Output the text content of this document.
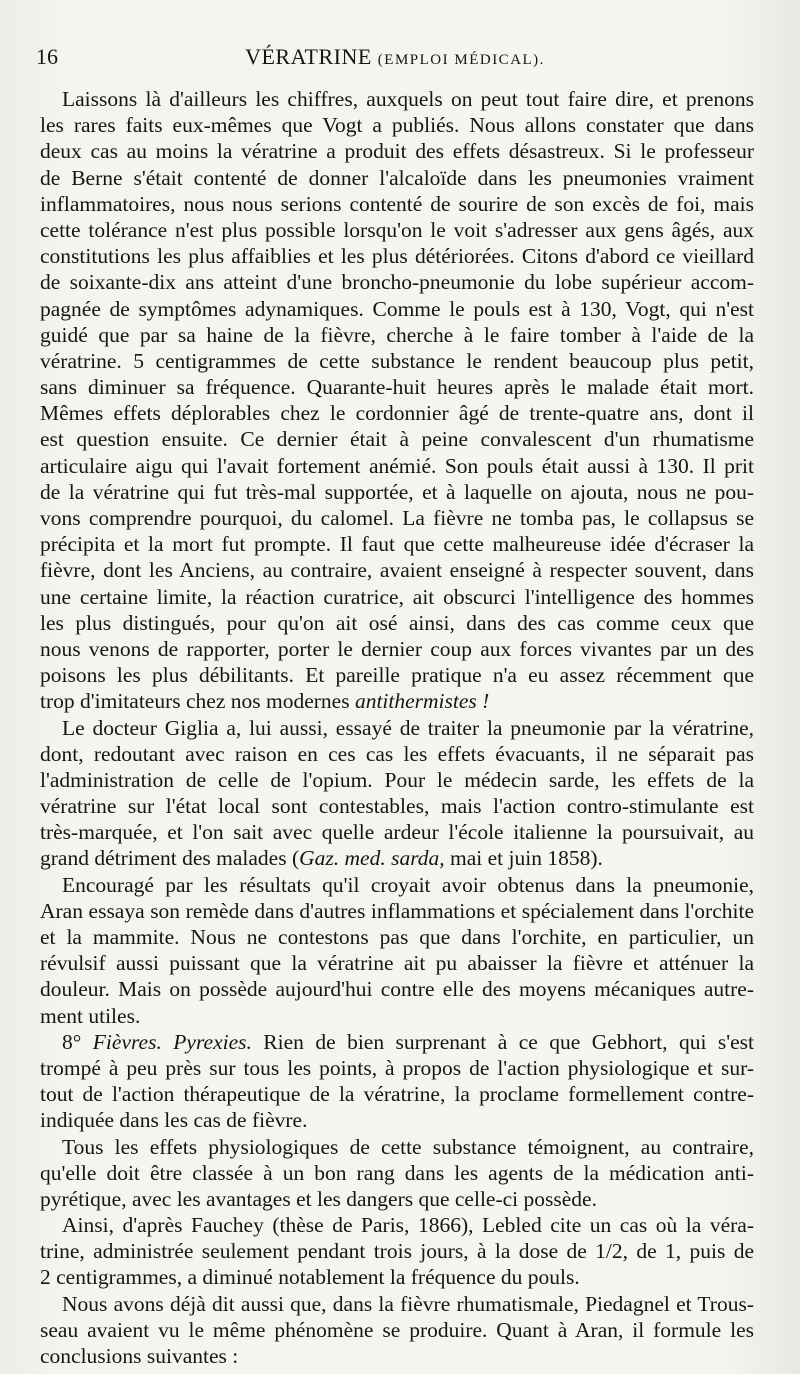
16	VÉRATRINE (EMPLOI MÉDICAL).
Laissons là d'ailleurs les chiffres, auxquels on peut tout faire dire, et prenons
les rares faits eux-mêmes que Vogt a publiés. Nous allons constater que dans
deux cas au moins la vératrine a produit des effets désastreux. Si le professeur
de Berne s'était contenté de donner l'alcaloïde dans les pneumonies vraiment
inflammatoires, nous nous serions contenté de sourire de son excès de foi, mais
cette tolérance n'est plus possible lorsqu'on le voit s'adresser aux gens âgés, aux
constitutions les plus affaiblies et les plus détériorées. Citons d'abord ce vieillard
de soixante-dix ans atteint d'une broncho-pneumonie du lobe supérieur accom-
pagnée de symptômes adynamiques. Comme le pouls est à 130, Vogt, qui n'est
guidé que par sa haine de la fièvre, cherche à le faire tomber à l'aide de la
vératrine. 5 centigrammes de cette substance le rendent beaucoup plus petit,
sans diminuer sa fréquence. Quarante-huit heures après le malade était mort.
Mêmes effets déplorables chez le cordonnier âgé de trente-quatre ans, dont il
est question ensuite. Ce dernier était à peine convalescent d'un rhumatisme
articulaire aigu qui l'avait fortement anémié. Son pouls était aussi à 130. Il prit
de la vératrine qui fut très-mal supportée, et à laquelle on ajouta, nous ne pou-
vons comprendre pourquoi, du calomel. La fièvre ne tomba pas, le collapsus se
précipita et la mort fut prompte. Il faut que cette malheureuse idée d'écraser la
fièvre, dont les Anciens, au contraire, avaient enseigné à respecter souvent, dans
une certaine limite, la réaction curatrice, ait obscurci l'intelligence des hommes
les plus distingués, pour qu'on ait osé ainsi, dans des cas comme ceux que
nous venons de rapporter, porter le dernier coup aux forces vivantes par un des
poisons les plus débilitants. Et pareille pratique n'a eu assez récemment que
trop d'imitateurs chez nos modernes antithermistes !
Le docteur Giglia a, lui aussi, essayé de traiter la pneumonie par la vératrine,
dont, redoutant avec raison en ces cas les effets évacuants, il ne séparait pas
l'administration de celle de l'opium. Pour le médecin sarde, les effets de la
vératrine sur l'état local sont contestables, mais l'action contro-stimulante est
très-marquée, et l'on sait avec quelle ardeur l'école italienne la poursuivait, au
grand détriment des malades (Gaz. med. sarda, mai et juin 1858).
Encouragé par les résultats qu'il croyait avoir obtenus dans la pneumonie,
Aran essaya son remède dans d'autres inflammations et spécialement dans l'orchite
et la mammite. Nous ne contestons pas que dans l'orchite, en particulier, un
révulsif aussi puissant que la vératrine ait pu abaisser la fièvre et atténuer la
douleur. Mais on possède aujourd'hui contre elle des moyens mécaniques autre-
ment utiles.
8° Fièvres. Pyrexies. Rien de bien surprenant à ce que Gebhort, qui s'est
trompé à peu près sur tous les points, à propos de l'action physiologique et sur-
tout de l'action thérapeutique de la vératrine, la proclame formellement contre-
indiquée dans les cas de fièvre.
Tous les effets physiologiques de cette substance témoignent, au contraire,
qu'elle doit être classée à un bon rang dans les agents de la médication anti-
pyrétique, avec les avantages et les dangers que celle-ci possède.
Ainsi, d'après Fauchey (thèse de Paris, 1866), Lebled cite un cas où la véra-
trine, administrée seulement pendant trois jours, à la dose de 1/2, de 1, puis de
2 centigrammes, a diminué notablement la fréquence du pouls.
Nous avons déjà dit aussi que, dans la fièvre rhumatismale, Piedagnel et Trous-
seau avaient vu le même phénomène se produire. Quant à Aran, il formule les
conclusions suivantes :
